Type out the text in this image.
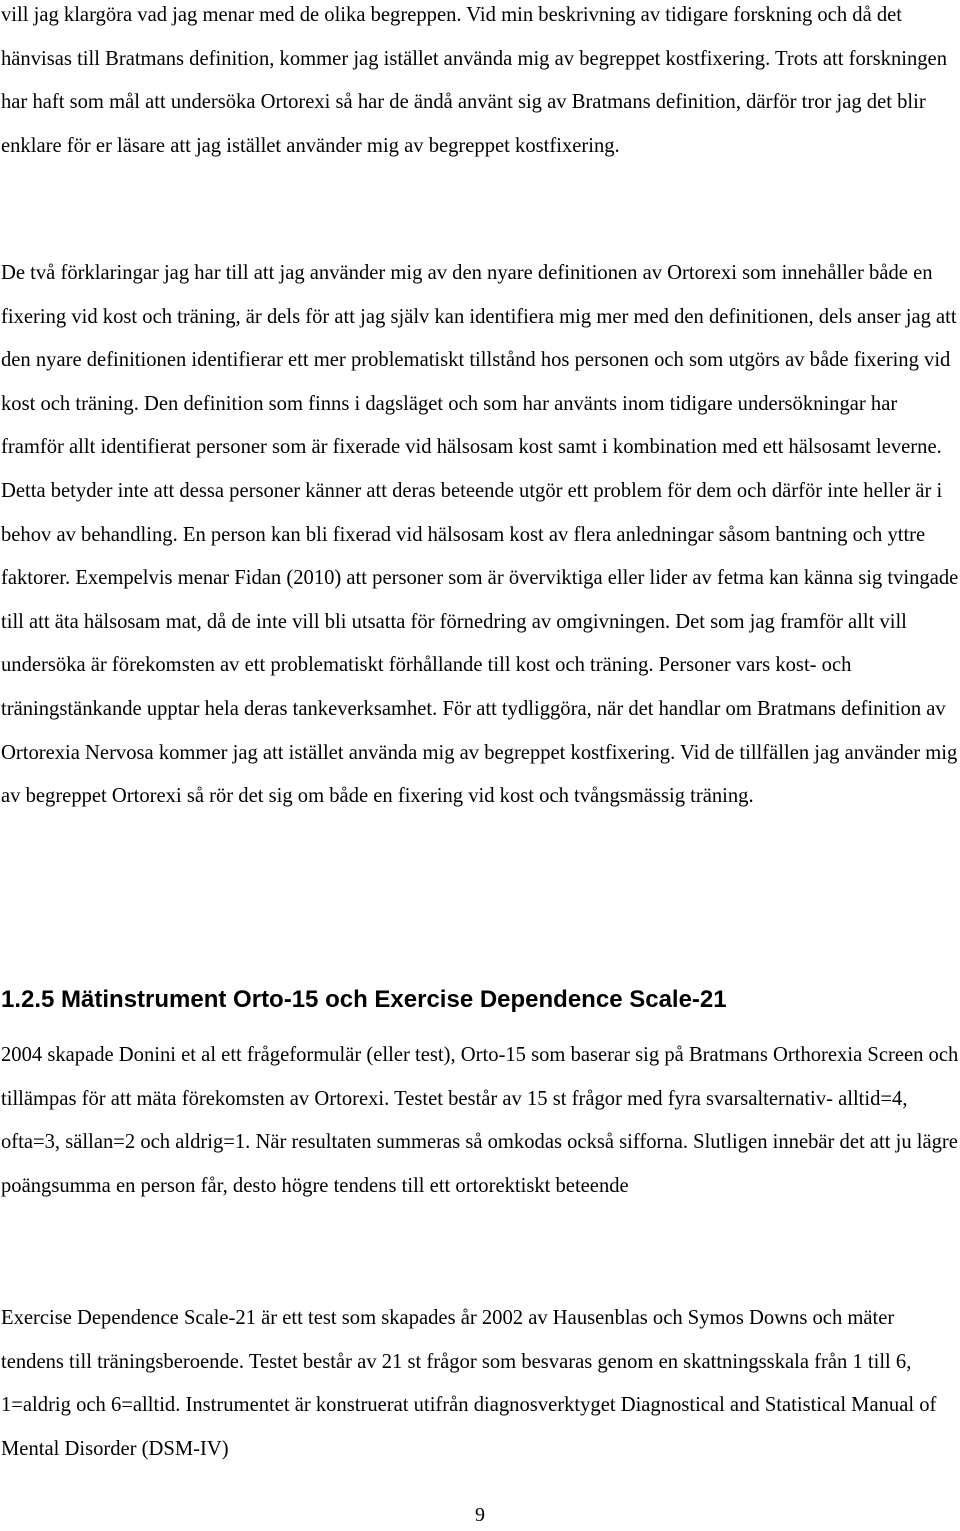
vill jag klargöra vad jag menar med de olika begreppen. Vid min beskrivning av tidigare forskning och då det hänvisas till Bratmans definition, kommer jag istället använda mig av begreppet kostfixering. Trots att forskningen har haft som mål att undersöka Ortorexi så har de ändå använt sig av Bratmans definition, därför tror jag det blir enklare för er läsare att jag istället använder mig av begreppet kostfixering.

De två förklaringar jag har till att jag använder mig av den nyare definitionen av Ortorexi som innehåller både en fixering vid kost och träning, är dels för att jag själv kan identifiera mig mer med den definitionen, dels anser jag att den nyare definitionen identifierar ett mer problematiskt tillstånd hos personen och som utgörs av både fixering vid kost och träning. Den definition som finns i dagsläget och som har använts inom tidigare undersökningar har framför allt identifierat personer som är fixerade vid hälsosam kost samt i kombination med ett hälsosamt leverne. Detta betyder inte att dessa personer känner att deras beteende utgör ett problem för dem och därför inte heller är i behov av behandling. En person kan bli fixerad vid hälsosam kost av flera anledningar såsom bantning och yttre faktorer. Exempelvis menar Fidan (2010) att personer som är överviktiga eller lider av fetma kan känna sig tvingade till att äta hälsosam mat, då de inte vill bli utsatta för förnedring av omgivningen. Det som jag framför allt vill undersöka är förekomsten av ett problematiskt förhållande till kost och träning. Personer vars kost- och träningstänkande upptar hela deras tankeverksamhet. För att tydliggöra, när det handlar om Bratmans definition av Ortorexia Nervosa kommer jag att istället använda mig av begreppet kostfixering. Vid de tillfällen jag använder mig av begreppet Ortorexi så rör det sig om både en fixering vid kost och tvångsmässig träning.

1.2.5 Mätinstrument Orto-15 och Exercise Dependence Scale-21

2004 skapade Donini et al ett frågeformulär (eller test), Orto-15 som baserar sig på Bratmans Orthorexia Screen och tillämpas för att mäta förekomsten av Ortorexi. Testet består av 15 st frågor med fyra svarsalternativ- alltid=4, ofta=3, sällan=2 och aldrig=1. När resultaten summeras så omkodas också sifforna. Slutligen innebär det att ju lägre poängsumma en person får, desto högre tendens till ett ortorektiskt beteende

Exercise Dependence Scale-21 är ett test som skapades år 2002 av Hausenblas och Symos Downs och mäter tendens till träningsberoende. Testet består av 21 st frågor som besvaras genom en skattningsskala från 1 till 6, 1=aldrig och 6=alltid. Instrumentet är konstruerat utifrån diagnosverktyget Diagnostical and Statistical Manual of Mental Disorder (DSM-IV)

9
